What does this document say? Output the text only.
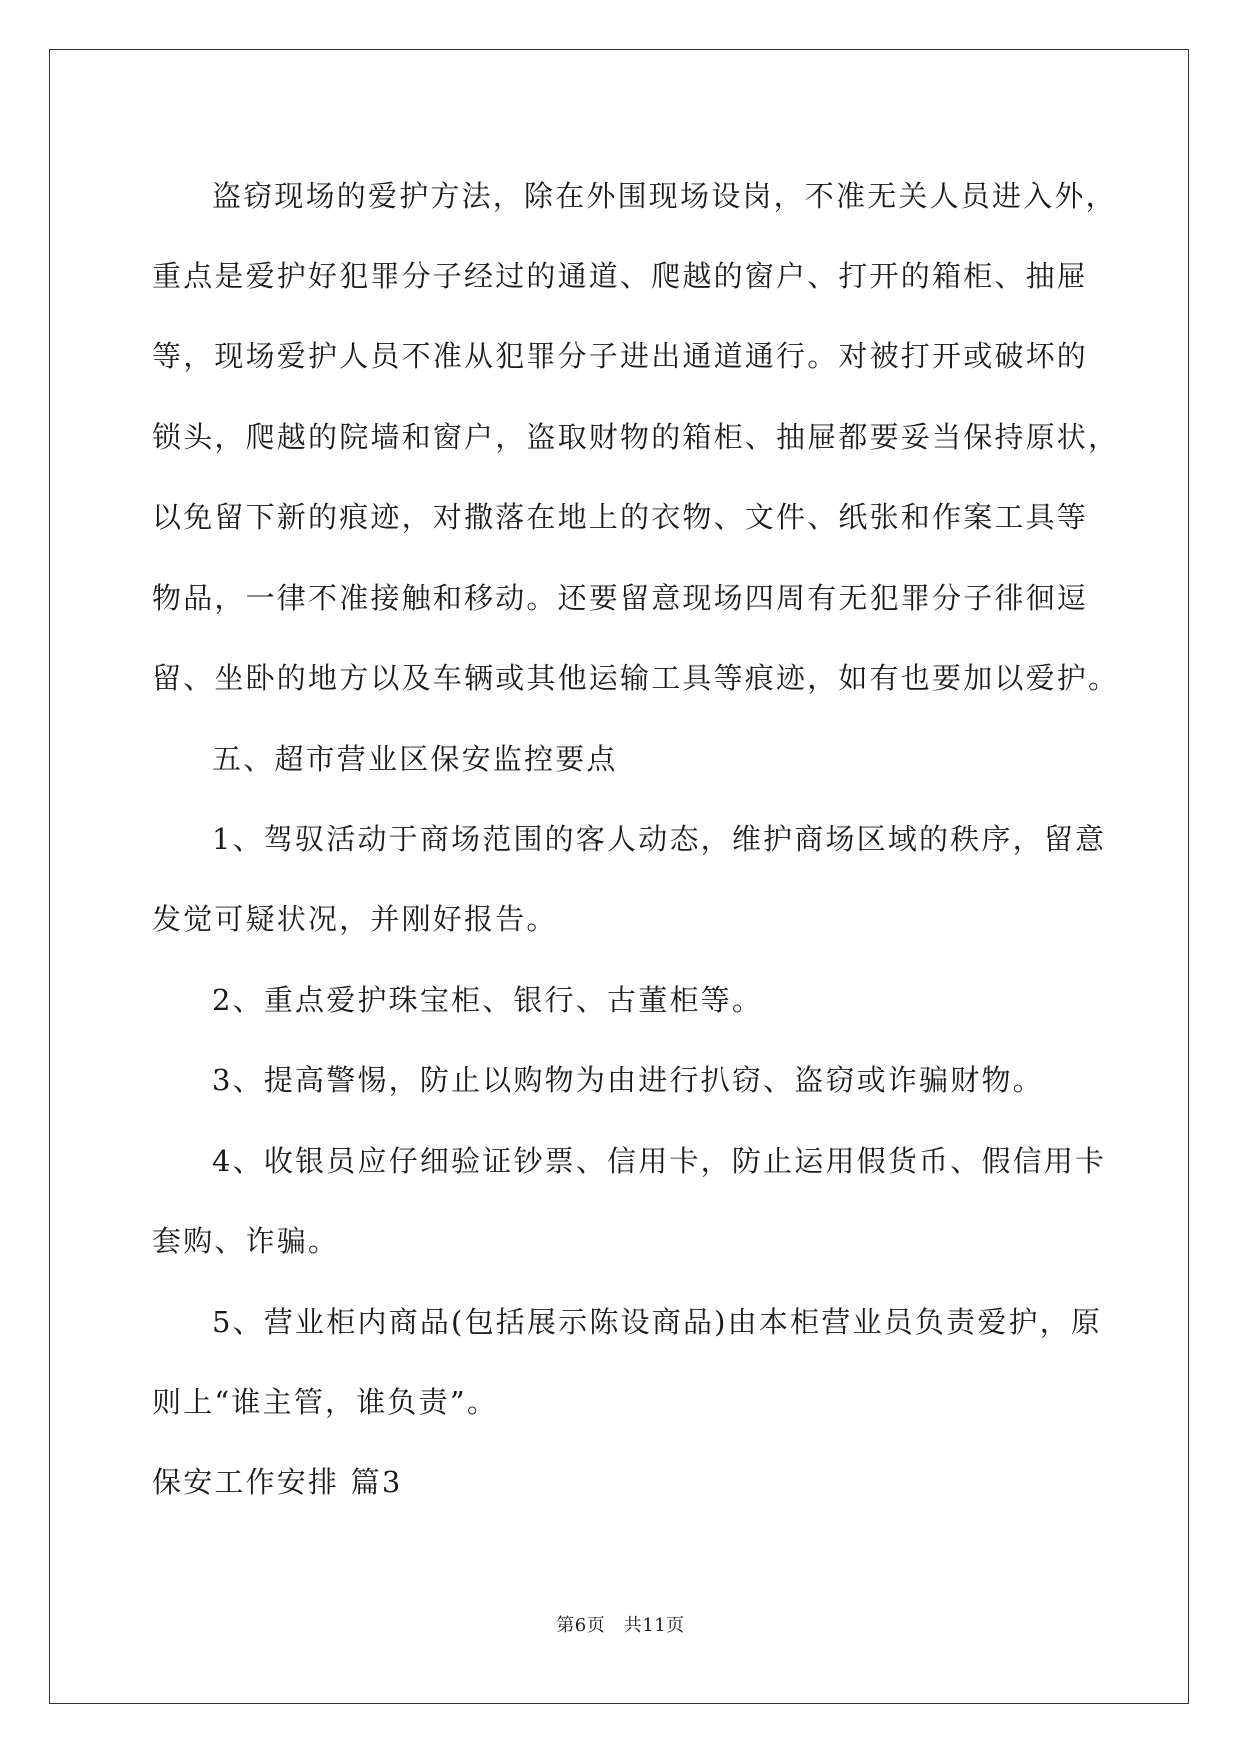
盗窃现场的爱护方法，除在外围现场设岗，不准无关人员进入外，
重点是爱护好犯罪分子经过的通道、爬越的窗户、打开的箱柜、抽屉
等，现场爱护人员不准从犯罪分子进出通道通行。对被打开或破坏的
锁头，爬越的院墙和窗户，盗取财物的箱柜、抽屉都要妥当保持原状，
以免留下新的痕迹，对撒落在地上的衣物、文件、纸张和作案工具等
物品，一律不准接触和移动。还要留意现场四周有无犯罪分子徘徊逗
留、坐卧的地方以及车辆或其他运输工具等痕迹，如有也要加以爱护。
五、超市营业区保安监控要点
1、驾驭活动于商场范围的客人动态，维护商场区域的秩序，留意
发觉可疑状况，并刚好报告。
2、重点爱护珠宝柜、银行、古董柜等。
3、提高警惕，防止以购物为由进行扒窃、盗窃或诈骗财物。
4、收银员应仔细验证钞票、信用卡，防止运用假货币、假信用卡
套购、诈骗。
5、营业柜内商品(包括展示陈设商品)由本柜营业员负责爱护，原
则上“谁主管，谁负责”。
保安工作安排 篇3
第6页　共11页
